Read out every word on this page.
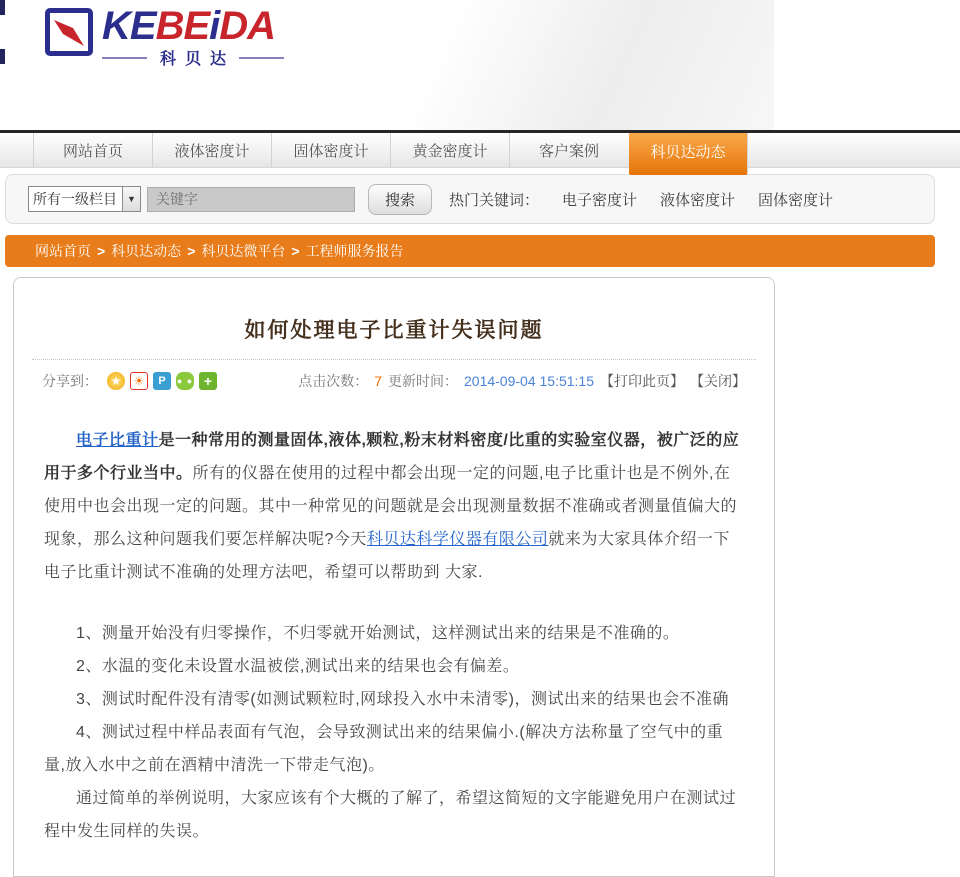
KEBEiDA
科贝达
网站首页	液体密度计	固体密度计	黄金密度计	客户案例	科贝达动态
所有一级栏目	▼
关键字	搜索	热门关键词： 电子密度计 液体密度计 固体密度计
网站首页 > 科贝达动态 > 科贝达微平台 > 工程师服务报告
如何处理电子比重计失误问题
分享到：	★	☀	P	● ● +	点击次数： 7 更新时间： 2014-09-04 15:51:15 【打印此页】 【关闭】

电子比重计是一种常用的测量固体,液体,颗粒,粉末材料密度/比重的实验室仪器，被广泛的应用于多个行业当中。所有的仪器在使用的过程中都会出现一定的问题,电子比重计也是不例外,在使用中也会出现一定的问题。其中一种常见的问题就是会出现测量数据不准确或者测量值偏大的现象，那么这种问题我们要怎样解决呢?今天科贝达科学仪器有限公司就来为大家具体介绍一下电子比重计测试不准确的处理方法吧，希望可以帮助到 大家.

1、测量开始没有归零操作，不归零就开始测试，这样测试出来的结果是不准确的。

2、水温的变化未设置水温被偿,测试出来的结果也会有偏差。

3、测试时配件没有清零(如测试颗粒时,网球投入水中未清零)，测试出来的结果也会不准确

4、测试过程中样品表面有气泡，会导致测试出来的结果偏小.(解决方法称量了空气中的重量,放入水中之前在酒精中清洗一下带走气泡)。

通过简单的举例说明，大家应该有个大概的了解了，希望这简短的文字能避免用户在测试过程中发生同样的失误。
